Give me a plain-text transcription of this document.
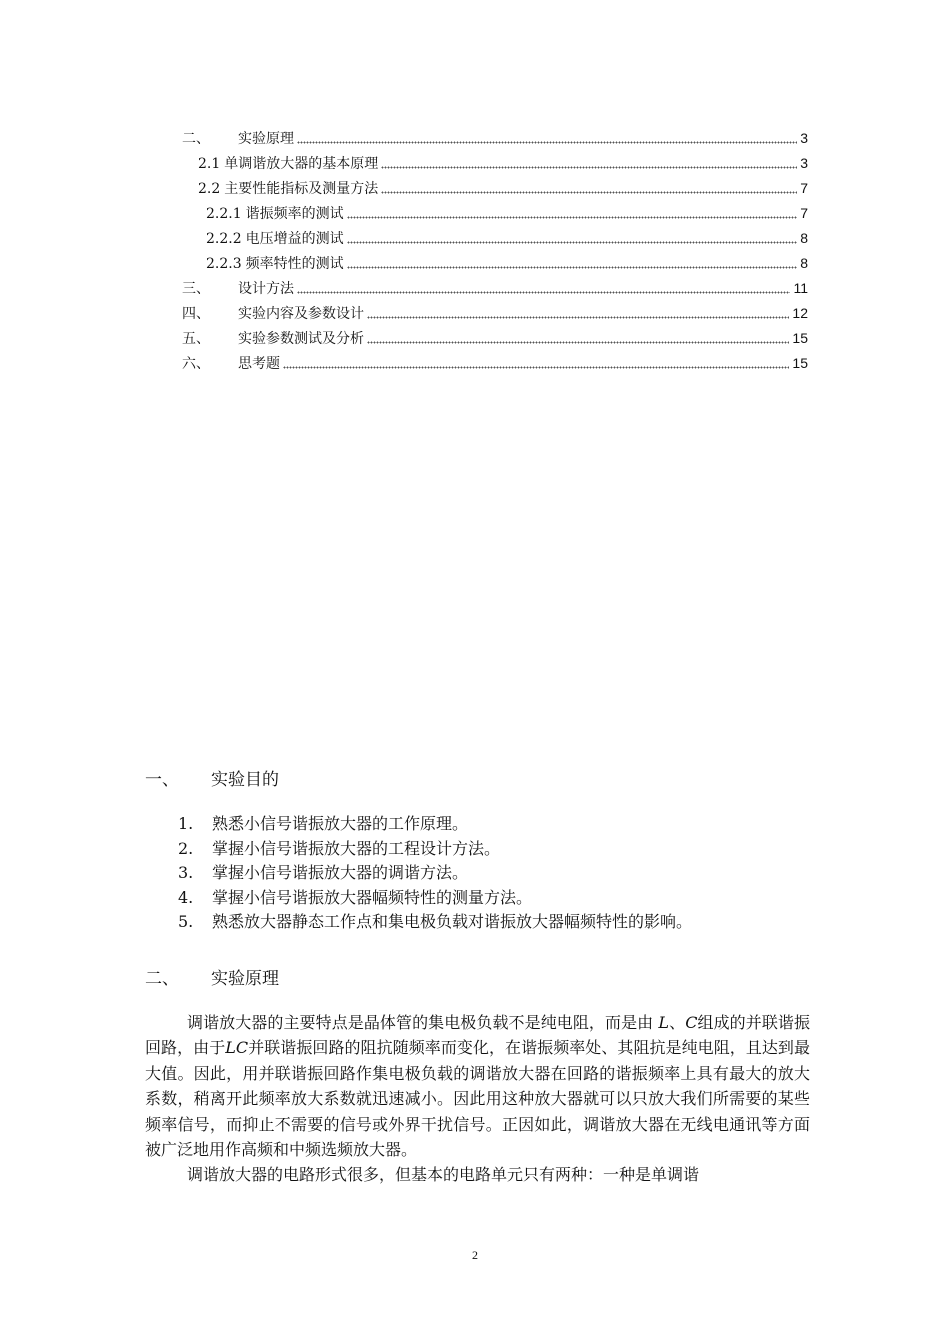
二、	实验原理	3
2.1 单调谐放大器的基本原理	3
2.2 主要性能指标及测量方法	7
2.2.1 谐振频率的测试	7
2.2.2 电压增益的测试	8
2.2.3 频率特性的测试	8
三、	设计方法	11
四、	实验内容及参数设计	12
五、	实验参数测试及分析	15
六、	思考题	15
一、 实验目的
1. 熟悉小信号谐振放大器的工作原理。
2. 掌握小信号谐振放大器的工程设计方法。
3. 掌握小信号谐振放大器的调谐方法。
4. 掌握小信号谐振放大器幅频特性的测量方法。
5. 熟悉放大器静态工作点和集电极负载对谐振放大器幅频特性的影响。
二、 实验原理

调谐放大器的主要特点是晶体管的集电极负载不是纯电阻，而是由 L、C组成的并联谐振回路，由于LC并联谐振回路的阻抗随频率而变化，在谐振频率处、其阻抗是纯电阻，且达到最大值。因此，用并联谐振回路作集电极负载的调谐放大器在回路的谐振频率上具有最大的放大系数，稍离开此频率放大系数就迅速减小。因此用这种放大器就可以只放大我们所需要的某些频率信号，而抑止不需要的信号或外界干扰信号。正因如此，调谐放大器在无线电通讯等方面被广泛地用作高频和中频选频放大器。

调谐放大器的电路形式很多，但基本的电路单元只有两种：一种是单调谐

2
